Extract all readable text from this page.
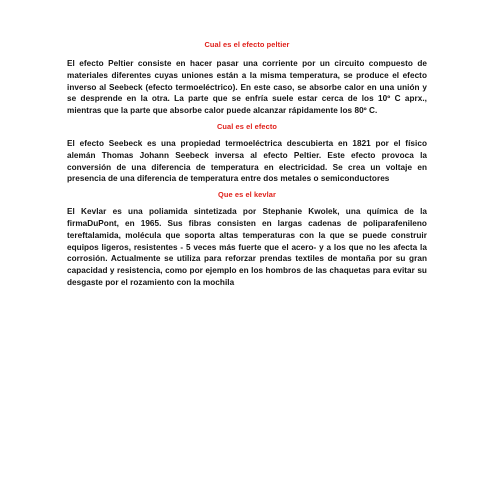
Cual es el efecto peltier

El efecto Peltier consiste en hacer pasar una corriente por un circuito compuesto de materiales diferentes cuyas uniones están a la misma temperatura, se produce el efecto inverso al Seebeck (efecto termoeléctrico). En este caso, se absorbe calor en una unión y se desprende en la otra. La parte que se enfría suele estar cerca de los 10º C aprx., mientras que la parte que absorbe calor puede alcanzar rápidamente los 80º C.

Cual es el efecto

El efecto Seebeck es una propiedad termoeléctrica descubierta en 1821 por el físico alemán Thomas Johann Seebeck inversa al efecto Peltier. Este efecto provoca la conversión de una diferencia de temperatura en electricidad. Se crea un voltaje en presencia de una diferencia de temperatura entre dos metales o semiconductores

Que es el kevlar

El Kevlar es una poliamida sintetizada por Stephanie Kwolek, una química de la firmaDuPont, en 1965. Sus fibras consisten en largas cadenas de poliparafenileno tereftalamida, molécula que soporta altas temperaturas con la que se puede construir equipos ligeros, resistentes - 5 veces más fuerte que el acero- y a los que no les afecta la corrosión. Actualmente se utiliza para reforzar prendas textiles de montaña por su gran capacidad y resistencia, como por ejemplo en los hombros de las chaquetas para evitar su desgaste por el rozamiento con la mochila
